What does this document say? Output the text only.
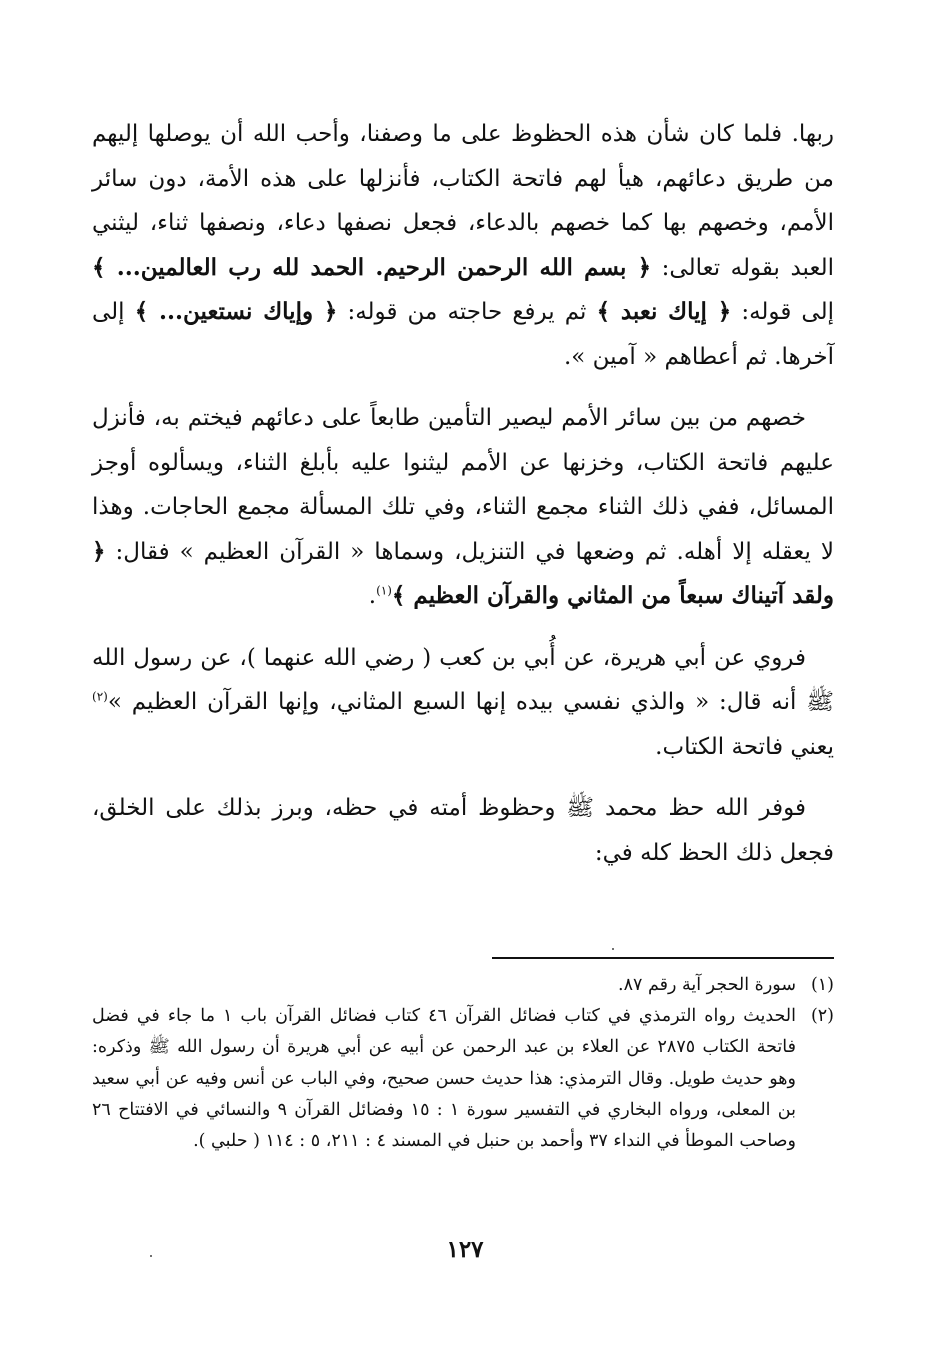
ربها. فلما كان شأن هذه الحظوظ على ما وصفنا، وأحب الله أن يوصلها إليهم من طريق دعائهم، هيأ لهم فاتحة الكتاب، فأنزلها على هذه الأمة، دون سائر الأمم، وخصهم بها كما خصهم بالدعاء، فجعل نصفها دعاء، ونصفها ثناء، ليثني العبد بقوله تعالى: ﴿ بسم الله الرحمن الرحيم. الحمد لله رب العالمين... ﴾ إلى قوله: ﴿ إياك نعبد ﴾ ثم يرفع حاجته من قوله: ﴿ وإياك نستعين... ﴾ إلى آخرها. ثم أعطاهم « آمين ».

خصهم من بين سائر الأمم ليصير التأمين طابعاً على دعائهم فيختم به، فأنزل عليهم فاتحة الكتاب، وخزنها عن الأمم ليثنوا عليه بأبلغ الثناء، ويسألوه أوجز المسائل، ففي ذلك الثناء مجمع الثناء، وفي تلك المسألة مجمع الحاجات. وهذا لا يعقله إلا أهله. ثم وضعها في التنزيل، وسماها « القرآن العظيم » فقال: ﴿ ولقد آتيناك سبعاً من المثاني والقرآن العظيم ﴾$^{(١)}$.

فروي عن أبي هريرة، عن أُبي بن كعب ( رضي الله عنهما )، عن رسول الله ﷺ أنه قال: « والذي نفسي بيده إنها السبع المثاني، وإنها القرآن العظيم »$^{(٢)}$ يعني فاتحة الكتاب.

فوفر الله حظ محمد ﷺ وحظوظ أمته في حظه، وبرز بذلك على الخلق، فجعل ذلك الحظ كله في:

(١)
سورة الحجر آية رقم ٨٧.
(٢)
الحديث رواه الترمذي في كتاب فضائل القرآن ٤٦ كتاب فضائل القرآن باب ١ ما جاء في فضل فاتحة الكتاب ٢٨٧٥ عن العلاء بن عبد الرحمن عن أبيه عن أبي هريرة أن رسول الله ﷺ وذكره: وهو حديث طويل. وقال الترمذي: هذا حديث حسن صحيح، وفي الباب عن أنس وفيه عن أبي سعيد بن المعلى، ورواه البخاري في التفسير سورة ١ : ١٥ وفضائل القرآن ٩ والنسائي في الافتتاح ٢٦ وصاحب الموطأ في النداء ٣٧ وأحمد بن حنبل في المسند ٤ : ٢١١، ٥ : ١١٤ ( حلبي ).
١٢٧
